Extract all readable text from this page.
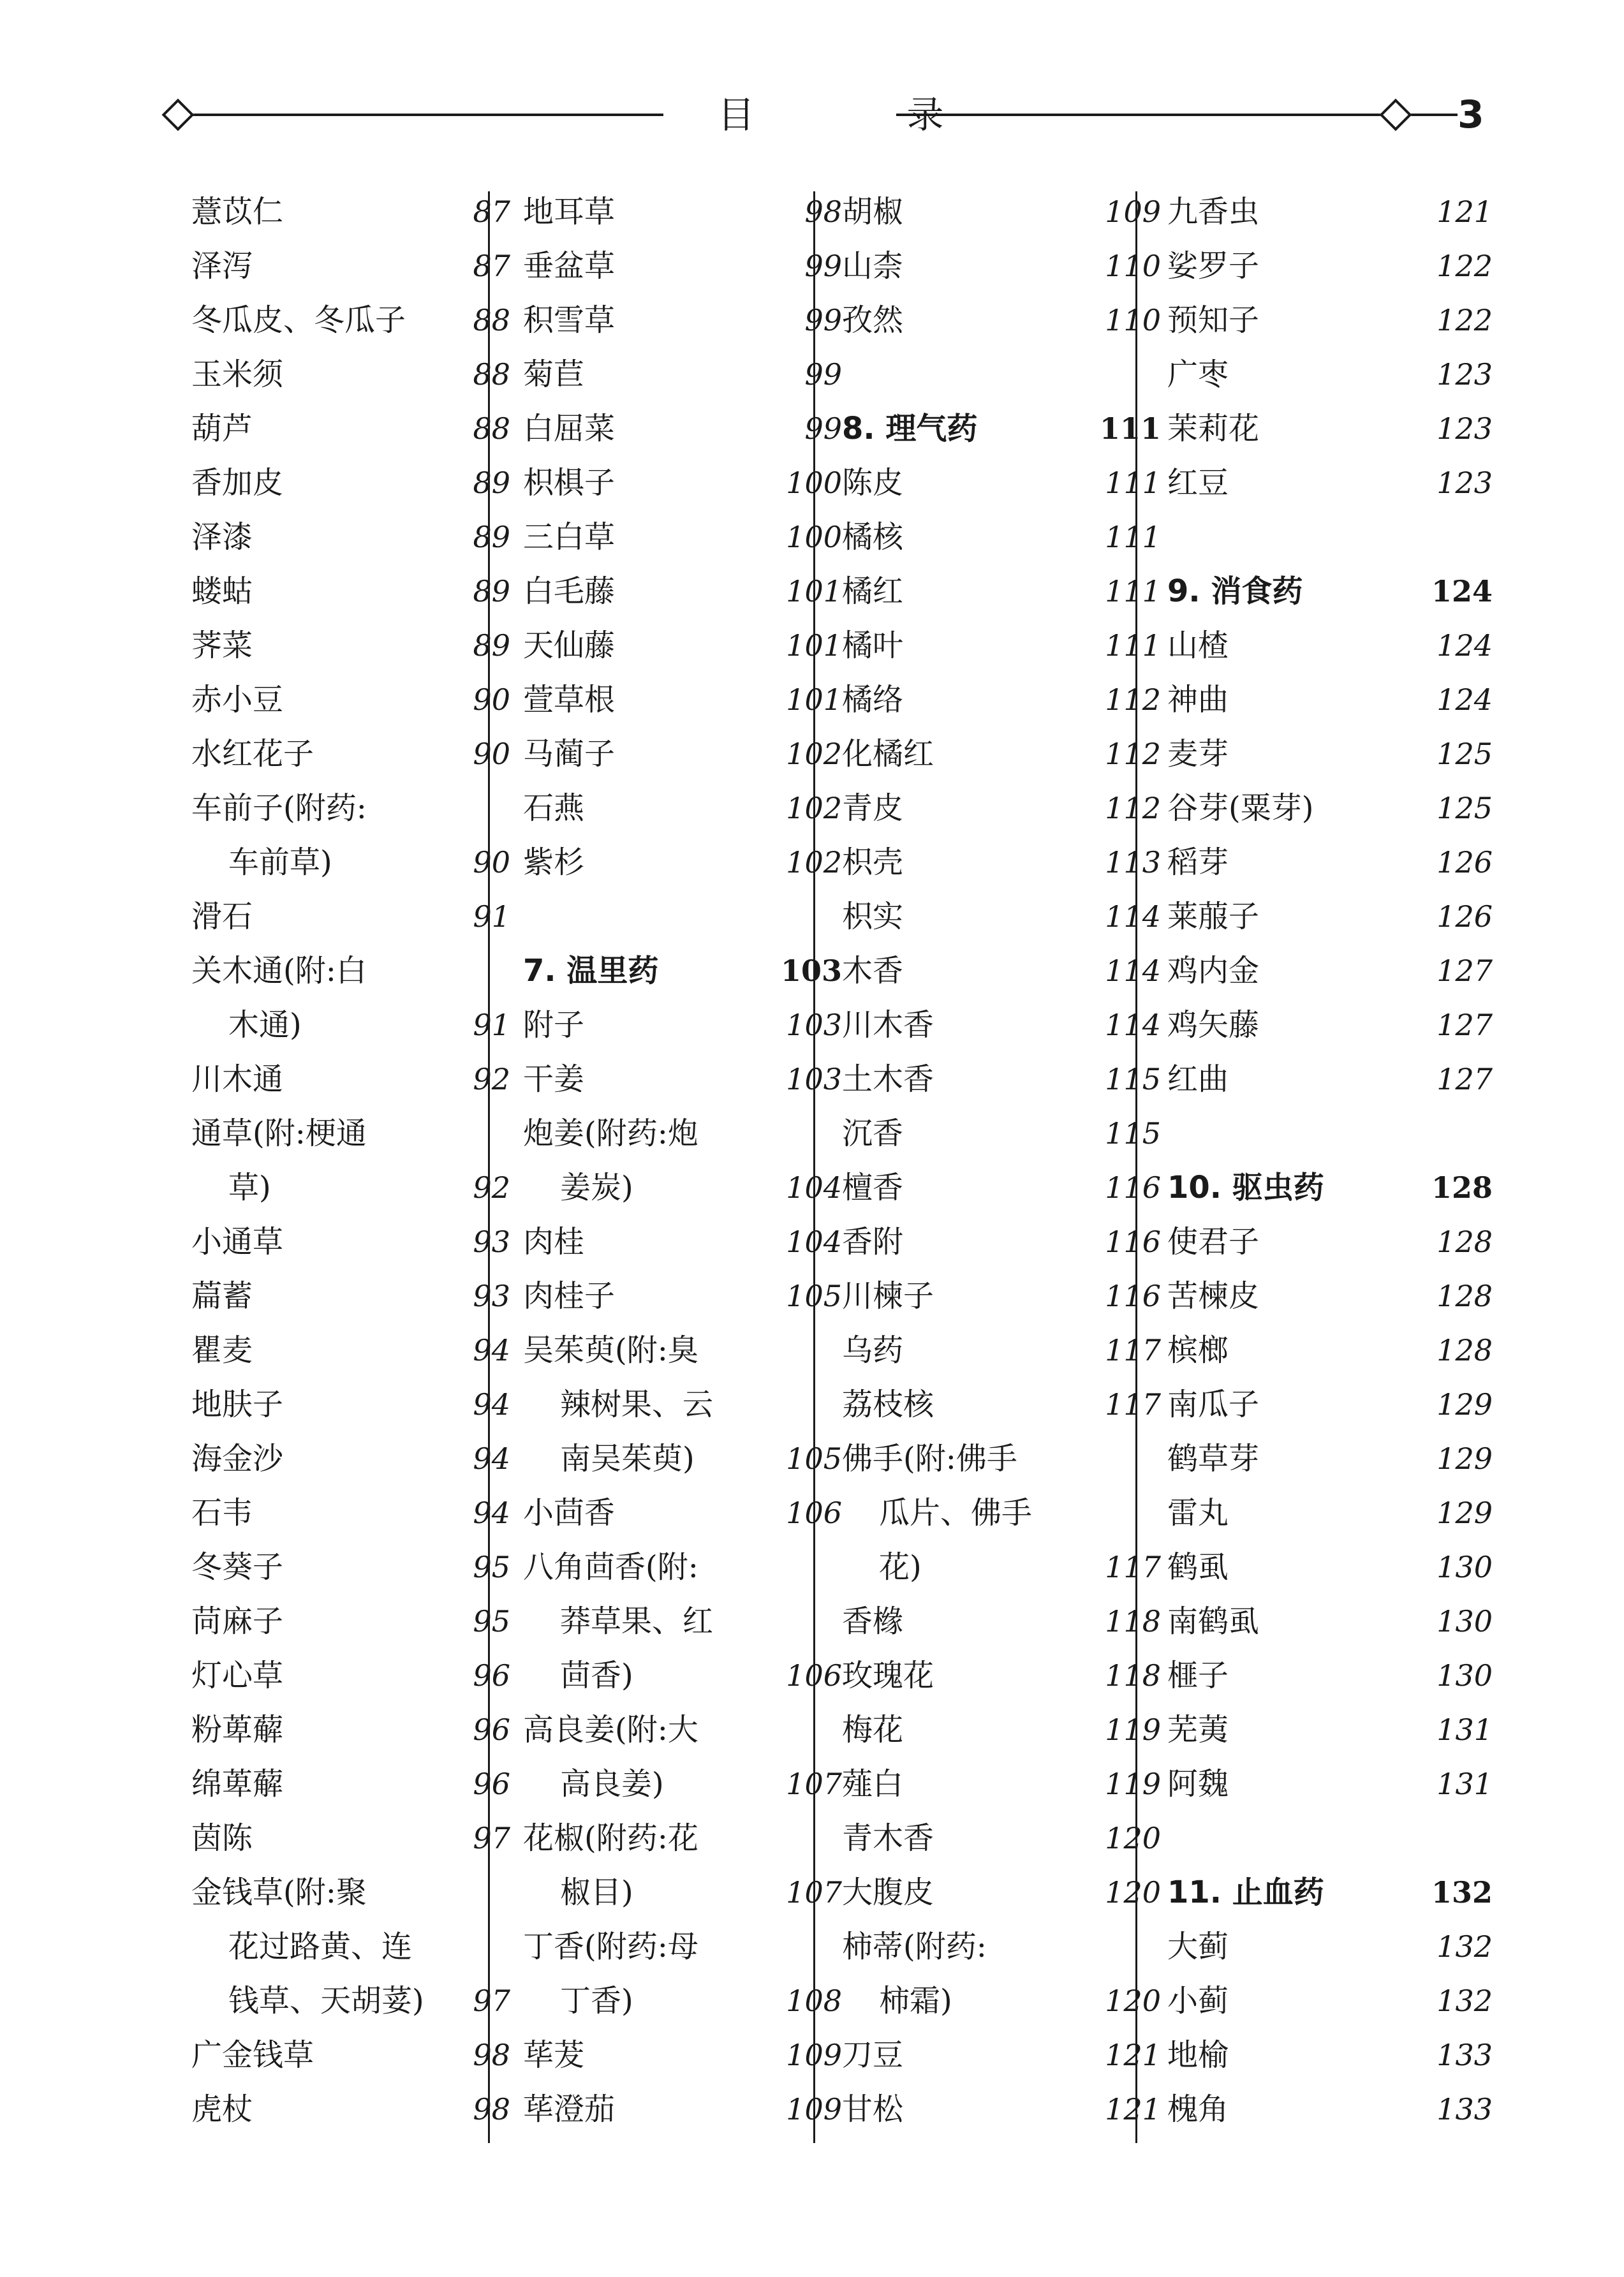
目 录	3
薏苡仁	87
泽泻	87
冬瓜皮、冬瓜子 88
玉米须	88
葫芦	88
香加皮	89
泽漆	89
蝼蛄	89
荠菜	89
赤小豆	90
水红花子	90
车前子(附药:
车前草)	90
滑石	91
关木通(附:白
木通)	91
川木通	92
通草(附:梗通
草)	92
小通草	93
萹蓄	93
瞿麦	94
地肤子	94
海金沙	94
石韦	94
冬葵子	95
苘麻子	95
灯心草	96
粉萆薢	96
绵萆薢	96
茵陈	97
金钱草(附:聚
花过路黄、连
钱草、天胡荽) 97
广金钱草	98
虎杖	98
地耳草	98
垂盆草	99
积雪草	99
菊苣	99
白屈菜	99
枳椇子	100
三白草	100
白毛藤	101
天仙藤	101
萱草根	101
马蔺子	102
石燕	102
紫杉	102
7. 温里药	103
附子	103
干姜	103
炮姜(附药:炮
姜炭)	104
肉桂	104
肉桂子	105
吴茱萸(附:臭
辣树果、云
南吴茱萸)	105
小茴香	106
八角茴香(附:
莽草果、红
茴香)	106
高良姜(附:大
高良姜)	107
花椒(附药:花
椒目)	107
丁香(附药:母
丁香)	108
荜茇	109
荜澄茄	109
胡椒	109
山柰	110
孜然	110
8. 理气药	111
陈皮	111
橘核	111
橘红	111
橘叶	111
橘络	112
化橘红	112
青皮	112
枳壳	113
枳实	114
木香	114
川木香	114
土木香	115
沉香	115
檀香	116
香附	116
川楝子	116
乌药	117
荔枝核	117
佛手(附:佛手
瓜片、佛手
花)	117
香橼	118
玫瑰花	118
梅花	119
薤白	119
青木香	120
大腹皮	120
柿蒂(附药:
柿霜)	120
刀豆	121
甘松	121
九香虫	121
娑罗子	122
预知子	122
广枣	123
茉莉花	123
红豆	123
9. 消食药	124
山楂	124
神曲	124
麦芽	125
谷芽(粟芽)	125
稻芽	126
莱菔子	126
鸡内金	127
鸡矢藤	127
红曲	127
10. 驱虫药	128
使君子	128
苦楝皮	128
槟榔	128
南瓜子	129
鹤草芽	129
雷丸	129
鹤虱	130
南鹤虱	130
榧子	130
芜荑	131
阿魏	131
11. 止血药	132
大蓟	132
小蓟	132
地榆	133
槐角	133
